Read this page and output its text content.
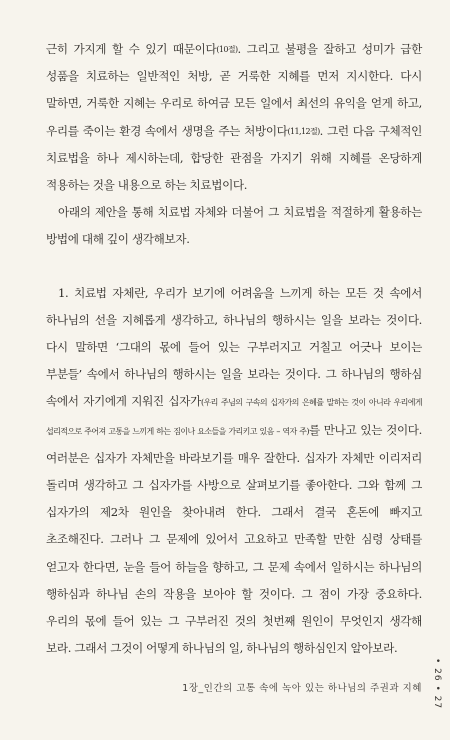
근히 가지게 할 수 있기 때문이다(10절). 그리고 불평을 잘하고 성미가 급한 성품을 치료하는 일반적인 처방, 곧 거룩한 지혜를 먼저 지시한다. 다시 말하면, 거룩한 지혜는 우리로 하여금 모든 일에서 최선의 유익을 얻게 하고, 우리를 죽이는 환경 속에서 생명을 주는 처방이다(11,12절). 그런 다음 구체적인 치료법을 하나 제시하는데, 합당한 관점을 가지기 위해 지혜를 온당하게 적용하는 것을 내용으로 하는 치료법이다.

아래의 제안을 통해 치료법 자체와 더불어 그 치료법을 적절하게 활용하는 방법에 대해 깊이 생각해보자.

1. 치료법 자체란, 우리가 보기에 어려움을 느끼게 하는 모든 것 속에서 하나님의 선을 지혜롭게 생각하고, 하나님의 행하시는 일을 보라는 것이다. 다시 말하면 ‘그대의 몫에 들어 있는 구부러지고 거칠고 어긋나 보이는 부분들’ 속에서 하나님의 행하시는 일을 보라는 것이다. 그 하나님의 행하심 속에서 자기에게 지워진 십자가(우리 주님의 구속의 십자가의 은혜를 말하는 것이 아니라 우리에게 섭리적으로 주어져 고통을 느끼게 하는 짐이나 요소들을 가리키고 있음 – 역자 주)를 만나고 있는 것이다. 여러분은 십자가 자체만을 바라보기를 매우 잘한다. 십자가 자체만 이리저리 돌리며 생각하고 그 십자가를 사방으로 살펴보기를 좋아한다. 그와 함께 그 십자가의 제2차 원인을 찾아내려 한다. 그래서 결국 혼돈에 빠지고 초조해진다. 그러나 그 문제에 있어서 고요하고 만족할 만한 심령 상태를 얻고자 한다면, 눈을 들어 하늘을 향하고, 그 문제 속에서 일하시는 하나님의 행하심과 하나님 손의 작용을 보아야 할 것이다. 그 점이 가장 중요하다. 우리의 몫에 들어 있는 그 구부러진 것의 첫번째 원인이 무엇인지 생각해 보라. 그래서 그것이 어떻게 하나님의 일, 하나님의 행하심인지 알아보라.

1장_인간의 고통 속에 녹아 있는 하나님의 주권과 지혜 • 26 • 27
